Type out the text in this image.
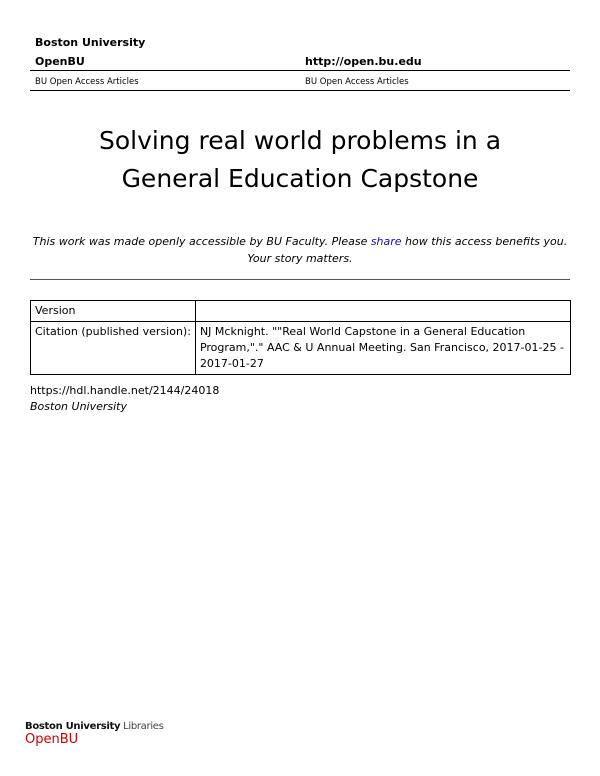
Boston University
OpenBU	http://open.bu.edu
BU Open Access Articles	BU Open Access Articles
Solving real world problems in a
General Education Capstone
This work was made openly accessible by BU Faculty. Please share how this access benefits you.
Your story matters.
Version	
Citation (published version):	NJ Mcknight. ""Real World Capstone in a General Education Program,"." AAC & U Annual Meeting. San Francisco, 2017-01-25 - 2017-01-27
https://hdl.handle.net/2144/24018
Boston University
Boston University Libraries
OpenBU
